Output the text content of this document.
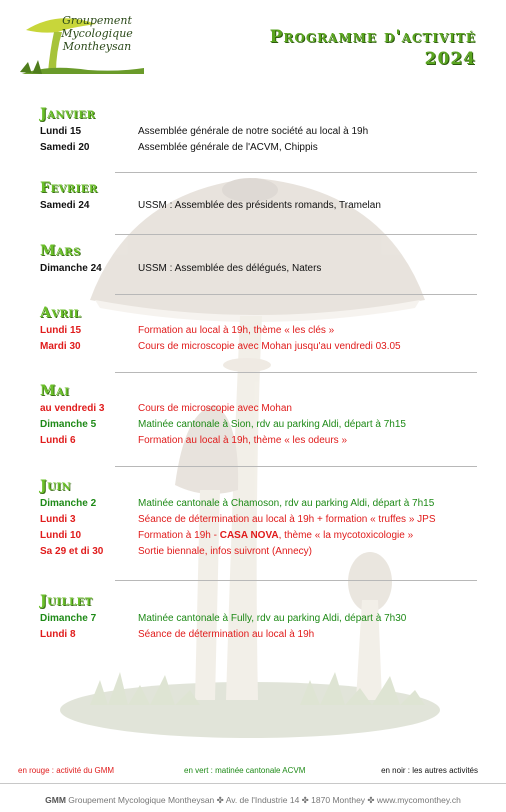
Groupement
Mycologique
Montheysan	Programme d'activité
2024
Janvier
Lundi 15	Assemblée générale de notre société au local à 19h
Samedi 20	Assemblée générale de l'ACVM, Chippis
Fevrier
Samedi 24	USSM : Assemblée des présidents romands, Tramelan
Mars
Dimanche 24	USSM : Assemblée des délégués, Naters
Avril
Lundi 15	Formation au local à 19h, thème « les clés »
Mardi 30	Cours de microscopie avec Mohan jusqu'au vendredi 03.05
Mai
au vendredi 3	Cours de microscopie avec Mohan
Dimanche 5	Matinée cantonale à Sion, rdv au parking Aldi, départ à 7h15
Lundi 6	Formation au local à 19h, thème « les odeurs »
Juin
Dimanche 2	Matinée cantonale à Chamoson, rdv au parking Aldi, départ à 7h15
Lundi 3	Séance de détermination au local à 19h + formation « truffes » JPS
Lundi 10	Formation à 19h - CASA NOVA, thème « la mycotoxicologie »
Sa 29 et di 30	Sortie biennale, infos suivront (Annecy)
Juillet
Dimanche 7	Matinée cantonale à Fully, rdv au parking Aldi, départ à 7h30
Lundi 8	Séance de détermination au local à 19h
en rouge : activité du GMM	en vert : matinée cantonale ACVM	en noir : les autres activités
GMM Groupement Mycologique Montheysan ✤ Av. de l'Industrie 14 ✤ 1870 Monthey ✤ www.mycomonthey.ch
